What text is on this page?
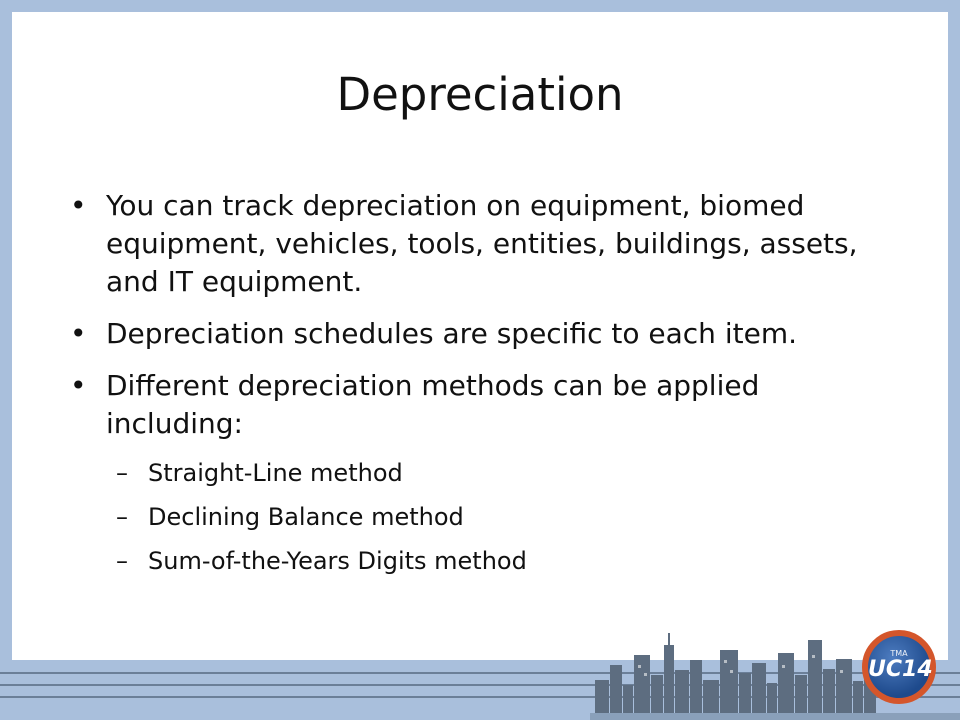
Depreciation
• You can track depreciation on equipment, biomed equipment, vehicles, tools, entities, buildings, assets, and IT equipment.
• Depreciation schedules are specific to each item.
• Different depreciation methods can be applied including:
– Straight-Line method
– Declining Balance method
– Sum-of-the-Years Digits method
TMA
UC14
